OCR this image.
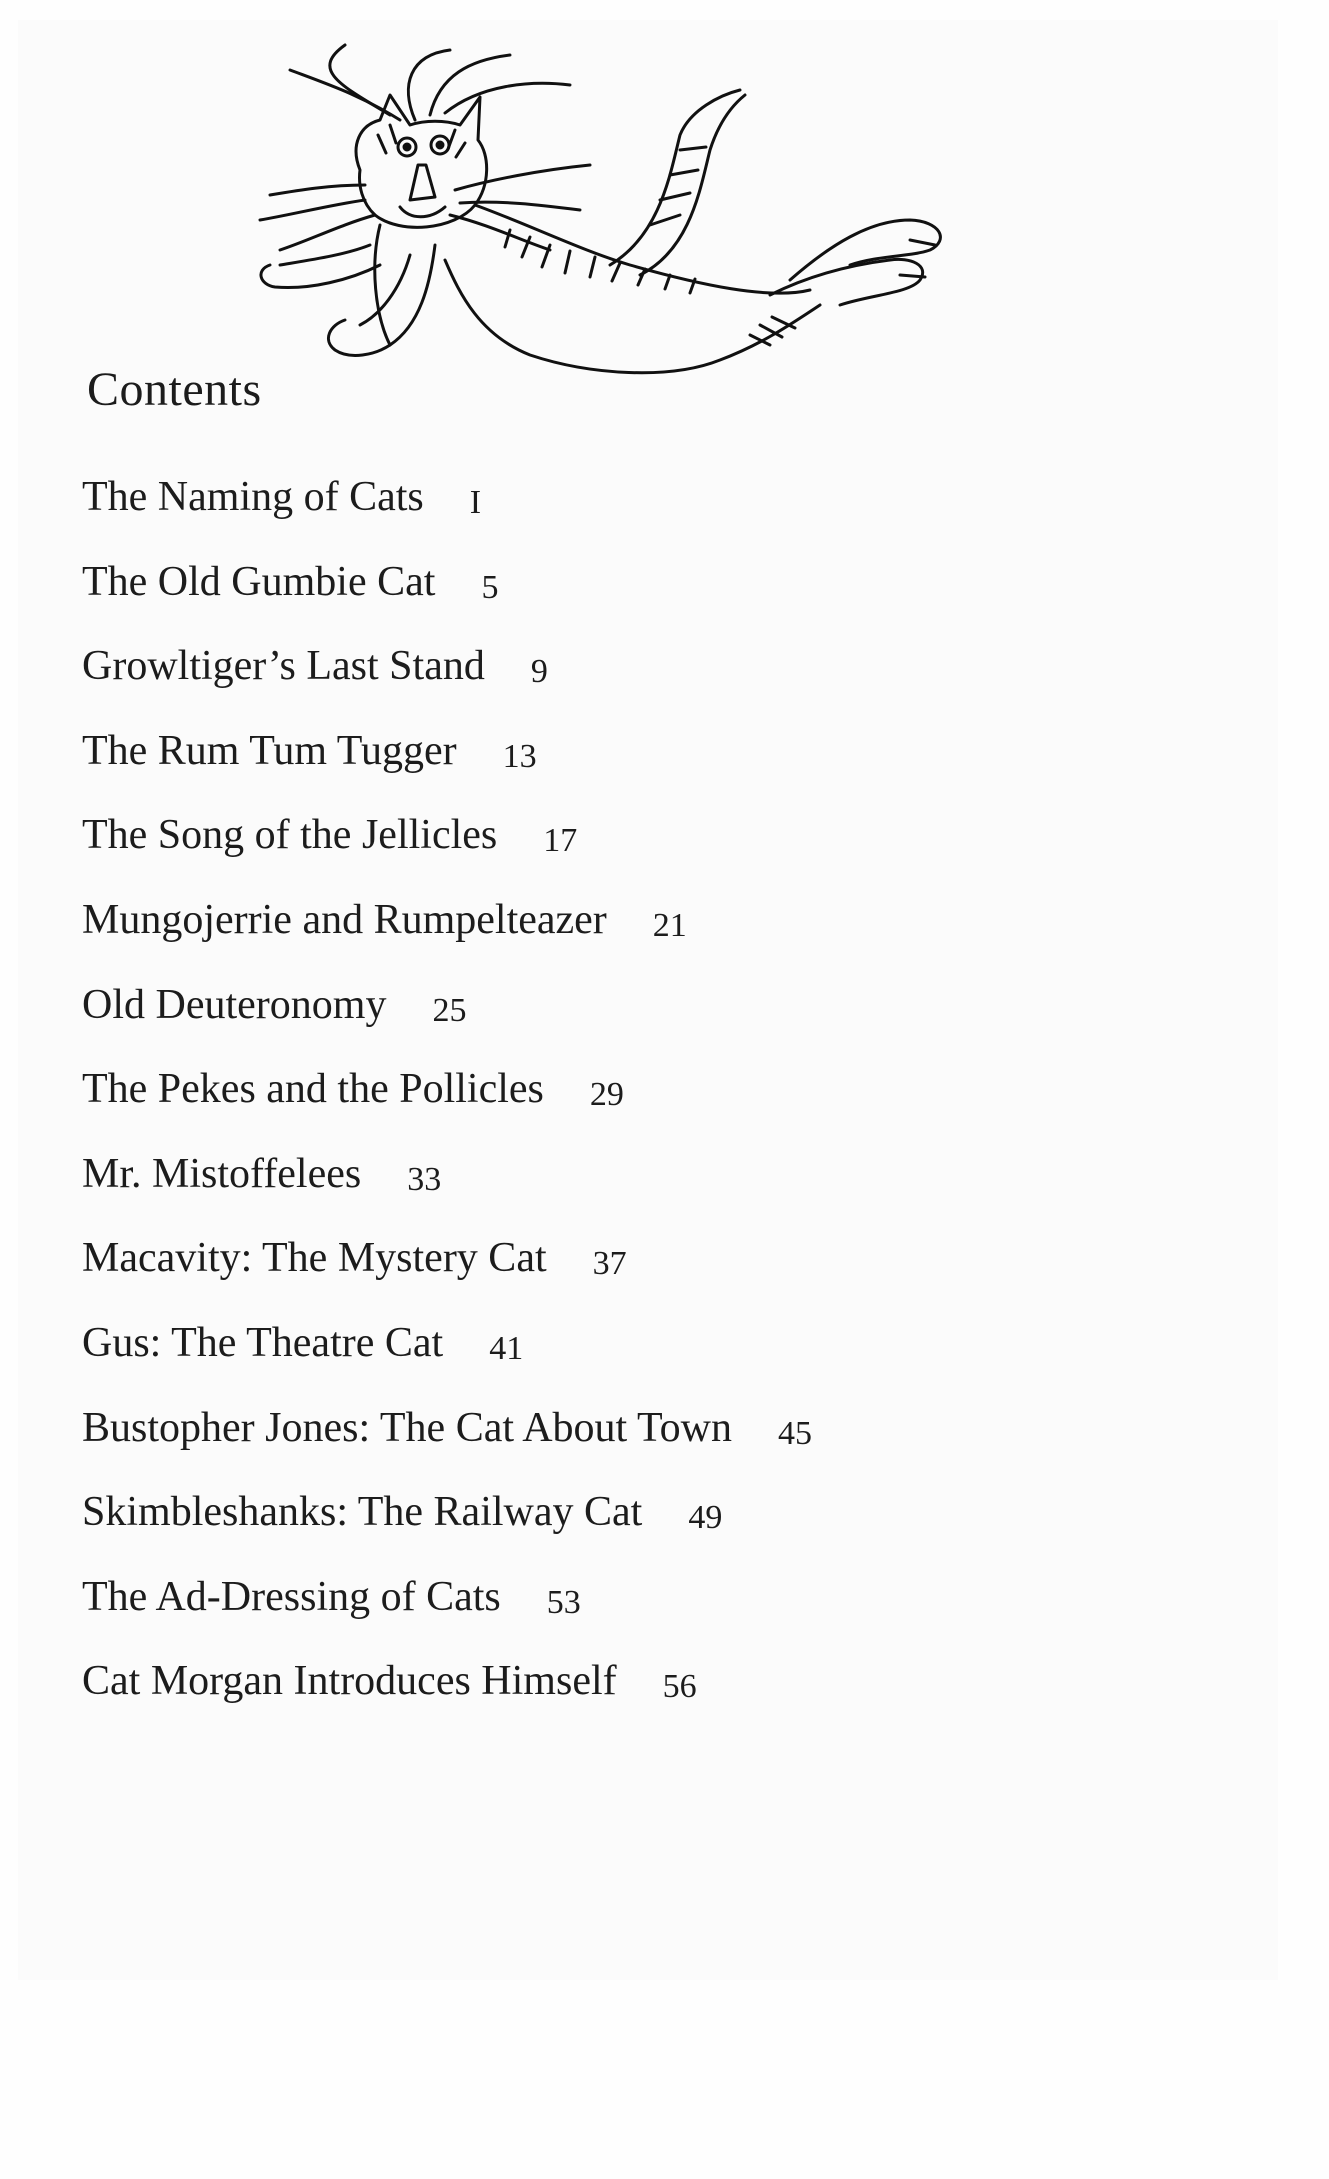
Contents
The Naming of Cats I
The Old Gumbie Cat 5
Growltiger’s Last Stand 9
The Rum Tum Tugger 13
The Song of the Jellicles 17
Mungojerrie and Rumpelteazer 21
Old Deuteronomy 25
The Pekes and the Pollicles 29
Mr. Mistoffelees 33
Macavity: The Mystery Cat 37
Gus: The Theatre Cat 41
Bustopher Jones: The Cat About Town 45
Skimbleshanks: The Railway Cat 49
The Ad-Dressing of Cats 53
Cat Morgan Introduces Himself 56
